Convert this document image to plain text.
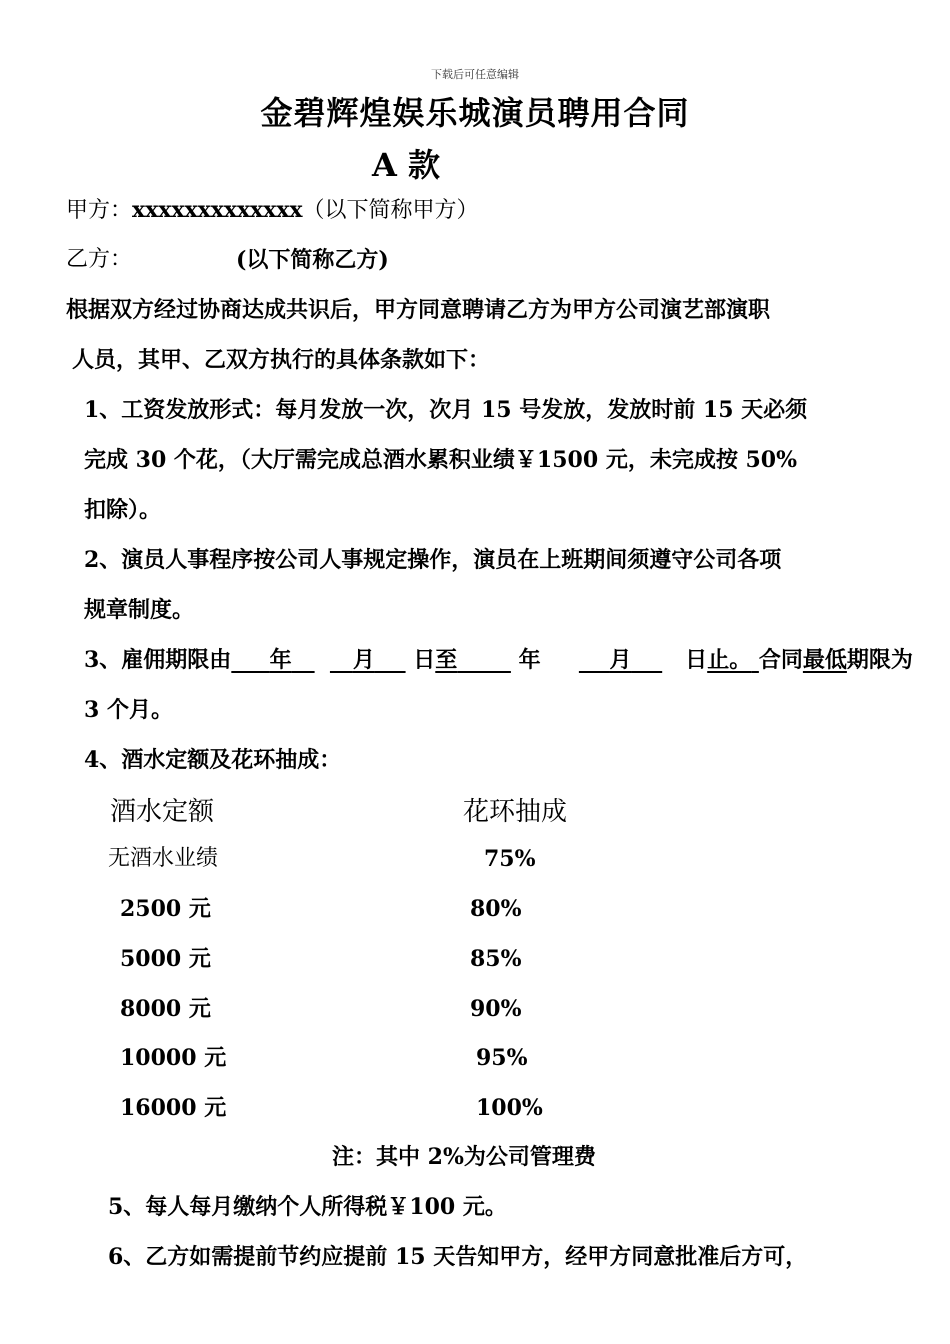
下载后可任意编辑
金碧辉煌娱乐城演员聘用合同
A 款
甲方：xxxxxxxxxxxxx（以下简称甲方）
乙方：	(以下简称乙方)
根据双方经过协商达成共识后，甲方同意聘请乙方为甲方公司演艺部演职
人员，其甲、乙双方执行的具体条款如下：
1、工资发放形式：每月发放一次，次月 15 号发放，发放时前 15 天必须
完成 30 个花，（大厅需完成总酒水累积业绩￥1500 元，未完成按 50%
扣除）。
2、演员人事程序按公司人事规定操作，演员在上班期间须遵守公司各项
规章制度。
3、雇佣期限由 年	月 日至	年	月 日止。 合同最低期限为
3 个月。
4、酒水定额及花环抽成：
酒水定额	花环抽成
无酒水业绩	75%
2500 元	80%
5000 元	85%
8000 元	90%
10000 元	95%
16000 元	100%
注：其中 2%为公司管理费
5、每人每月缴纳个人所得税￥100 元。
6、乙方如需提前节约应提前 15 天告知甲方，经甲方同意批准后方可，
